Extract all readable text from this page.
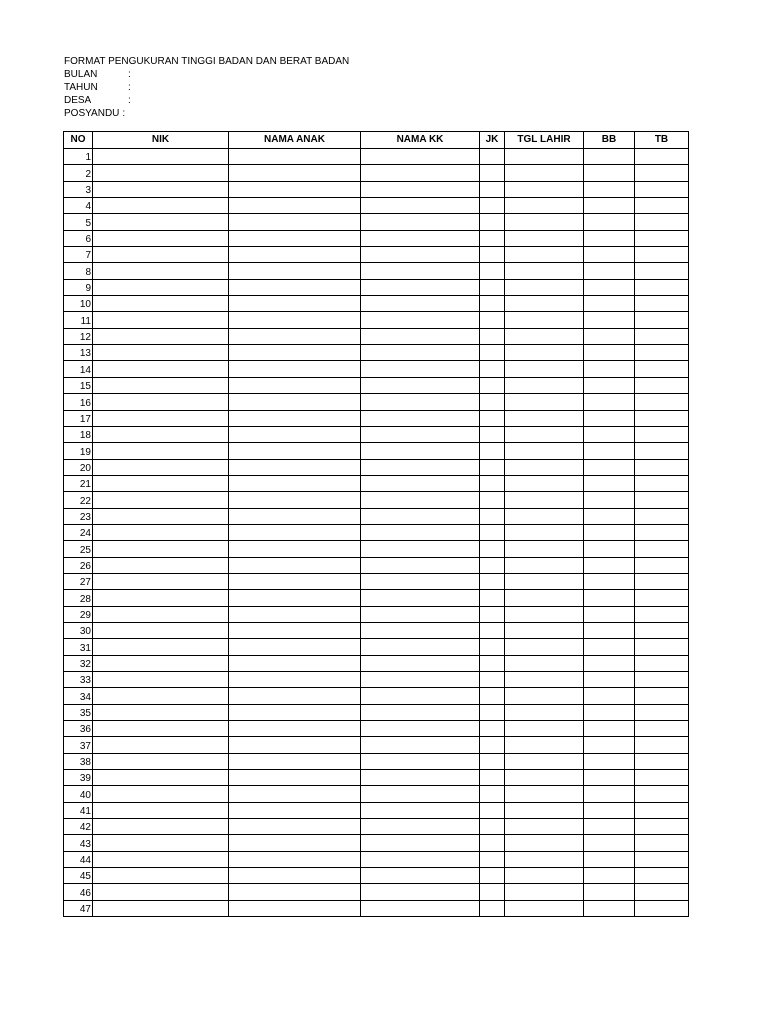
FORMAT PENGUKURAN TINGGI BADAN DAN BERAT BADAN
BULAN	:
TAHUN	:
DESA	:
POSYANDU :
NO	NIK	NAMA ANAK	NAMA KK	JK	TGL LAHIR	BB	TB
1							
2							
3							
4							
5							
6							
7							
8							
9							
10							
11							
12							
13							
14							
15							
16							
17							
18							
19							
20							
21							
22							
23							
24							
25							
26							
27							
28							
29							
30							
31							
32							
33							
34							
35							
36							
37							
38							
39							
40							
41							
42							
43							
44							
45							
46							
47							
